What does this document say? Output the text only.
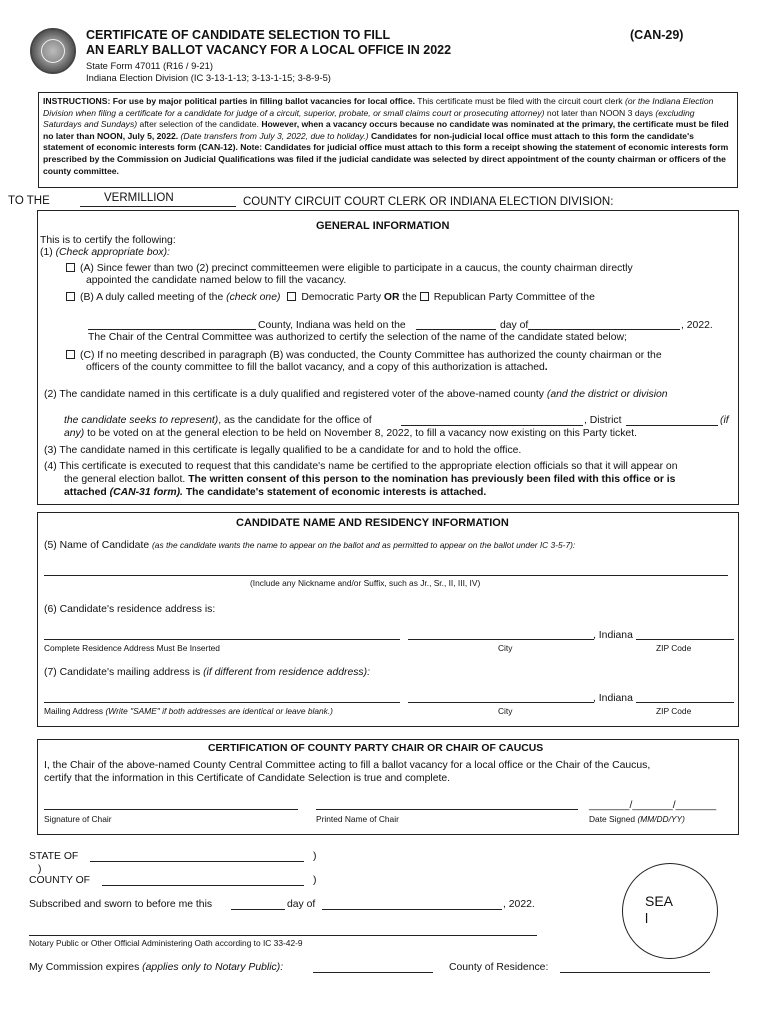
CERTIFICATE OF CANDIDATE SELECTION TO FILL
AN EARLY BALLOT VACANCY FOR A LOCAL OFFICE IN 2022
(CAN-29)
State Form 47011 (R16 / 9-21)
Indiana Election Division (IC 3-13-1-13; 3-13-1-15; 3-8-9-5)
INSTRUCTIONS: For use by major political parties in filling ballot vacancies for local office. This certificate must be filed with the circuit court clerk (or the Indiana Election Division when filing a certificate for a candidate for judge of a circuit, superior, probate, or small claims court or prosecuting attorney) not later than NOON 3 days (excluding Saturdays and Sundays) after selection of the candidate. However, when a vacancy occurs because no candidate was nominated at the primary, the certificate must be filed no later than NOON, July 5, 2022. (Date transfers from July 3, 2022, due to holiday.) Candidates for non-judicial local office must attach to this form the candidate's statement of economic interests form (CAN-12). Note: Candidates for judicial office must attach to this form a receipt showing the statement of economic interests form prescribed by the Commission on Judicial Qualifications was filed if the judicial candidate was selected by direct appointment of the county chairman or officers of the county committee.
TO THE	VERMILLION	COUNTY CIRCUIT COURT CLERK OR INDIANA ELECTION DIVISION:
GENERAL INFORMATION
This is to certify the following:
(1) (Check appropriate box):
(A) Since fewer than two (2) precinct committeemen were eligible to participate in a caucus, the county chairman directly
appointed the candidate named below to fill the vacancy.
(B) A duly called meeting of the (check one) Democratic Party OR the Republican Party Committee of the
County, Indiana was held on the	day of	, 2022.
The Chair of the Central Committee was authorized to certify the selection of the name of the candidate stated below;
(C) If no meeting described in paragraph (B) was conducted, the County Committee has authorized the county chairman or the
officers of the county committee to fill the ballot vacancy, and a copy of this authorization is attached.
(2) The candidate named in this certificate is a duly qualified and registered voter of the above-named county (and the district or division
the candidate seeks to represent), as the candidate for the office of	, District	(if
any) to be voted on at the general election to be held on November 8, 2022, to fill a vacancy now existing on this Party ticket.
(3) The candidate named in this certificate is legally qualified to be a candidate for and to hold the office.
(4) This certificate is executed to request that this candidate's name be certified to the appropriate election officials so that it will appear on
the general election ballot. The written consent of this person to the nomination has previously been filed with this office or is
attached (CAN-31 form). The candidate's statement of economic interests is attached.
CANDIDATE NAME AND RESIDENCY INFORMATION
(5) Name of Candidate (as the candidate wants the name to appear on the ballot and as permitted to appear on the ballot under IC 3-5-7):
(Include any Nickname and/or Suffix, such as Jr., Sr., II, III, IV)
(6) Candidate's residence address is:
, Indiana
Complete Residence Address Must Be Inserted	City	ZIP Code
(7) Candidate's mailing address is (if different from residence address):
, Indiana
Mailing Address (Write "SAME" if both addresses are identical or leave blank.)	City	ZIP Code
CERTIFICATION OF COUNTY PARTY CHAIR OR CHAIR OF CAUCUS
I, the Chair of the above-named County Central Committee acting to fill a ballot vacancy for a local office or the Chair of the Caucus,
certify that the information in this Certificate of Candidate Selection is true and complete.
_______/_______/_______
Signature of Chair	Printed Name of Chair	Date Signed (MM/DD/YY)
STATE OF	)
)
COUNTY OF	)
Subscribed and sworn to before me this	day of	, 2022.
Notary Public or Other Official Administering Oath according to IC 33-42-9
My Commission expires (applies only to Notary Public):	County of Residence:
SEA
l
